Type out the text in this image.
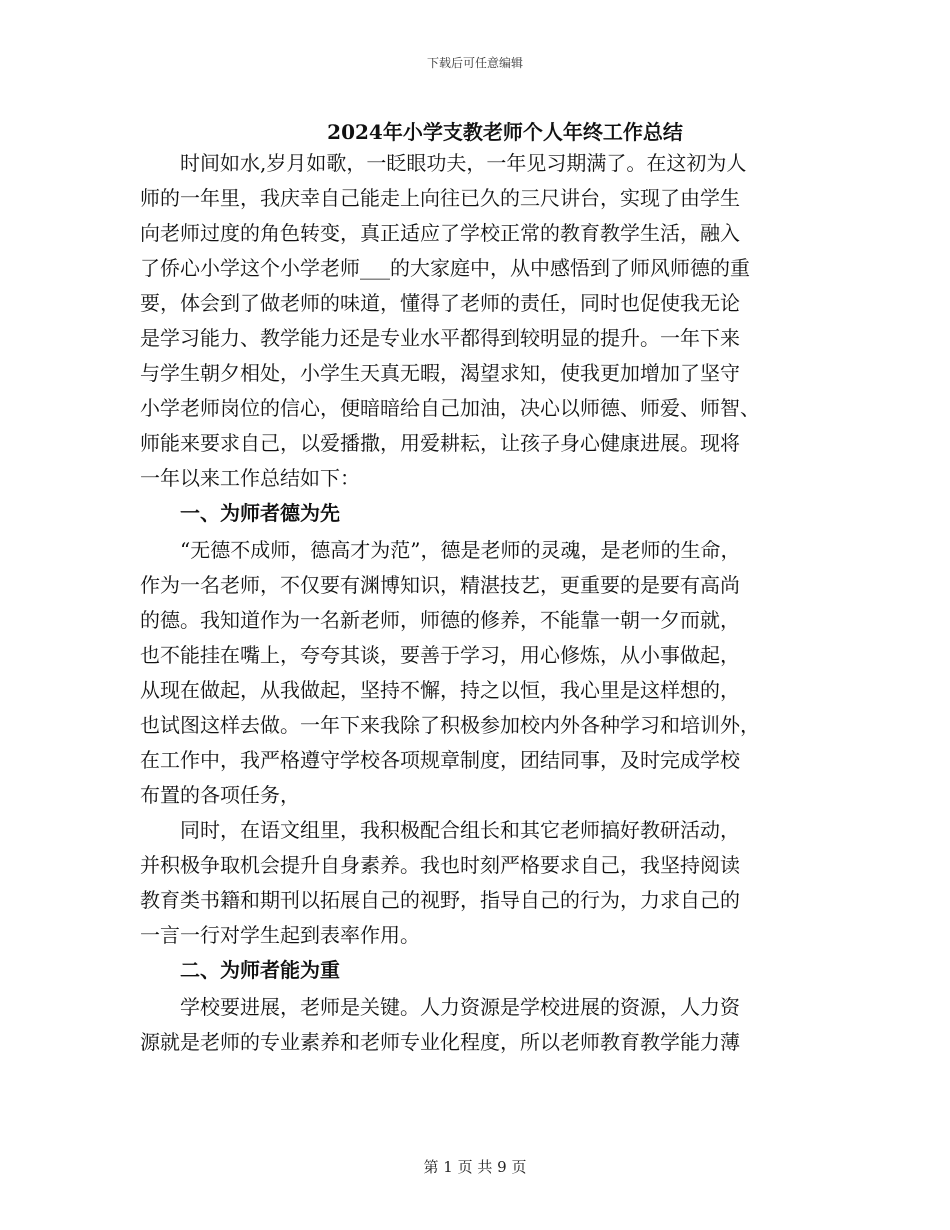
下载后可任意编辑
2024年小学支教老师个人年终工作总结
　　时间如水,岁月如歌，一眨眼功夫，一年见习期满了。在这初为人
师的一年里，我庆幸自己能走上向往已久的三尺讲台，实现了由学生
向老师过度的角色转变，真正适应了学校正常的教育教学生活，融入
了侨心小学这个小学老师___的大家庭中，从中感悟到了师风师德的重
要，体会到了做老师的味道，懂得了老师的责任，同时也促使我无论
是学习能力、教学能力还是专业水平都得到较明显的提升。一年下来
与学生朝夕相处，小学生天真无暇，渴望求知，使我更加增加了坚守
小学老师岗位的信心，便暗暗给自己加油，决心以师德、师爱、师智、
师能来要求自己，以爱播撒，用爱耕耘，让孩子身心健康进展。现将
一年以来工作总结如下：
　　一、为师者德为先
　　“无德不成师，德高才为范”，德是老师的灵魂，是老师的生命，
作为一名老师，不仅要有渊博知识，精湛技艺，更重要的是要有高尚
的德。我知道作为一名新老师，师德的修养，不能靠一朝一夕而就，
也不能挂在嘴上，夸夸其谈，要善于学习，用心修炼，从小事做起，
从现在做起，从我做起，坚持不懈，持之以恒，我心里是这样想的，
也试图这样去做。一年下来我除了积极参加校内外各种学习和培训外，
在工作中，我严格遵守学校各项规章制度，团结同事，及时完成学校
布置的各项任务，
　　同时，在语文组里，我积极配合组长和其它老师搞好教研活动，
并积极争取机会提升自身素养。我也时刻严格要求自己，我坚持阅读
教育类书籍和期刊以拓展自己的视野，指导自己的行为，力求自己的
一言一行对学生起到表率作用。
　　二、为师者能为重
　　学校要进展，老师是关键。人力资源是学校进展的资源，人力资
源就是老师的专业素养和老师专业化程度，所以老师教育教学能力薄
第 1 页 共 9 页
